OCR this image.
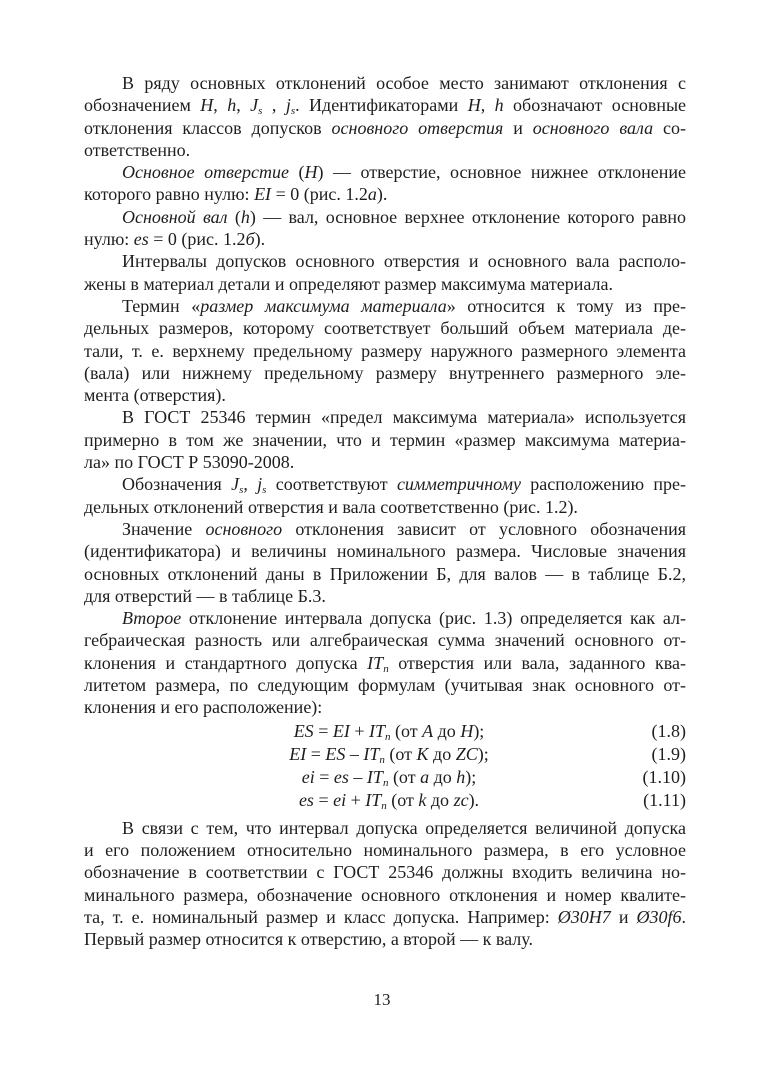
В ряду основных отклонений особое место занимают отклонения с
обозначением H, h, Js , js. Идентификаторами H, h обозначают основные
отклонения классов допусков основного отверстия и основного вала со-
ответственно.
Основное отверстие (H) — отверстие, основное нижнее отклонение
которого равно нулю: EI = 0 (рис. 1.2а).
Основной вал (h) — вал, основное верхнее отклонение которого равно
нулю: es = 0 (рис. 1.2б).
Интервалы допусков основного отверстия и основного вала располо-
жены в материал детали и определяют размер максимума материала.
Термин «размер максимума материала» относится к тому из пре-
дельных размеров, которому соответствует больший объем материала де-
тали, т. е. верхнему предельному размеру наружного размерного элемента
(вала) или нижнему предельному размеру внутреннего размерного эле-
мента (отверстия).
В ГОСТ 25346 термин «предел максимума материала» используется
примерно в том же значении, что и термин «размер максимума материа-
ла» по ГОСТ Р 53090-2008.
Обозначения Js, js соответствуют симметричному расположению пре-
дельных отклонений отверстия и вала соответственно (рис. 1.2).
Значение основного отклонения зависит от условного обозначения
(идентификатора) и величины номинального размера. Числовые значения
основных отклонений даны в Приложении Б, для валов — в таблице Б.2,
для отверстий — в таблице Б.3.
Второе отклонение интервала допуска (рис. 1.3) определяется как ал-
гебраическая разность или алгебраическая сумма значений основного от-
клонения и стандартного допуска ITn отверстия или вала, заданного ква-
литетом размера, по следующим формулам (учитывая знак основного от-
клонения и его расположение):
ES = EI + ITn (от A до H);	(1.8)
EI = ES – ITn (от K до ZC);	(1.9)
ei = es – ITn (от a до h);	(1.10)
es = ei + ITn (от k до zc).	(1.11)
В связи с тем, что интервал допуска определяется величиной допуска
и его положением относительно номинального размера, в его условное
обозначение в соответствии с ГОСТ 25346 должны входить величина но-
минального размера, обозначение основного отклонения и номер квалите-
та, т. е. номинальный размер и класс допуска. Например: Ø30H7 и Ø30f6.
Первый размер относится к отверстию, а второй — к валу.
13
